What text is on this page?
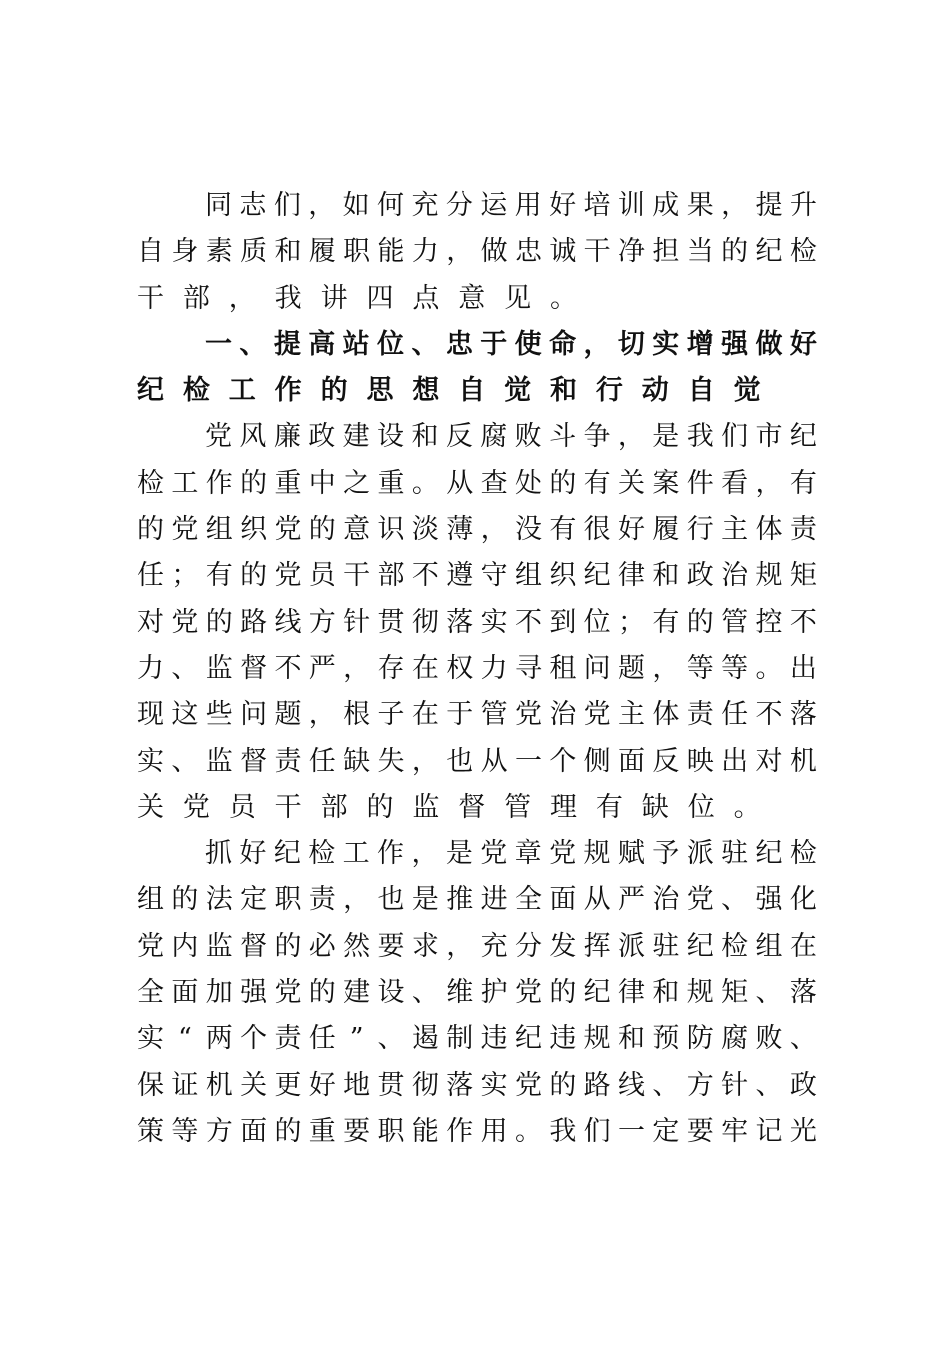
同 志 们 ， 如 何 充 分 运 用 好 培 训 成 果 ， 提 升
自 身 素 质 和 履 职 能 力 ， 做 忠 诚 干 净 担 当 的 纪 检
干 部 ， 我 讲 四 点 意 见 。
一 、 提 高 站 位 、 忠 于 使 命 ， 切 实 增 强 做 好
纪 检 工 作 的 思 想 自 觉 和 行 动 自 觉
党 风 廉 政 建 设 和 反 腐 败 斗 争 ， 是 我 们 市 纪
检 工 作 的 重 中 之 重 。 从 查 处 的 有 关 案 件 看 ， 有
的 党 组 织 党 的 意 识 淡 薄 ， 没 有 很 好 履 行 主 体 责
任 ； 有 的 党 员 干 部 不 遵 守 组 织 纪 律 和 政 治 规 矩
对 党 的 路 线 方 针 贯 彻 落 实 不 到 位 ； 有 的 管 控 不
力 、 监 督 不 严 ， 存 在 权 力 寻 租 问 题 ， 等 等 。 出
现 这 些 问 题 ， 根 子 在 于 管 党 治 党 主 体 责 任 不 落
实 、 监 督 责 任 缺 失 ， 也 从 一 个 侧 面 反 映 出 对 机
关 党 员 干 部 的 监 督 管 理 有 缺 位 。
抓 好 纪 检 工 作 ， 是 党 章 党 规 赋 予 派 驻 纪 检
组 的 法 定 职 责 ， 也 是 推 进 全 面 从 严 治 党 、 强 化
党 内 监 督 的 必 然 要 求 ， 充 分 发 挥 派 驻 纪 检 组 在
全 面 加 强 党 的 建 设 、 维 护 党 的 纪 律 和 规 矩 、 落
实 “ 两 个 责 任 ” 、 遏 制 违 纪 违 规 和 预 防 腐 败 、
保 证 机 关 更 好 地 贯 彻 落 实 党 的 路 线 、 方 针 、 政
策 等 方 面 的 重 要 职 能 作 用 。 我 们 一 定 要 牢 记 光
